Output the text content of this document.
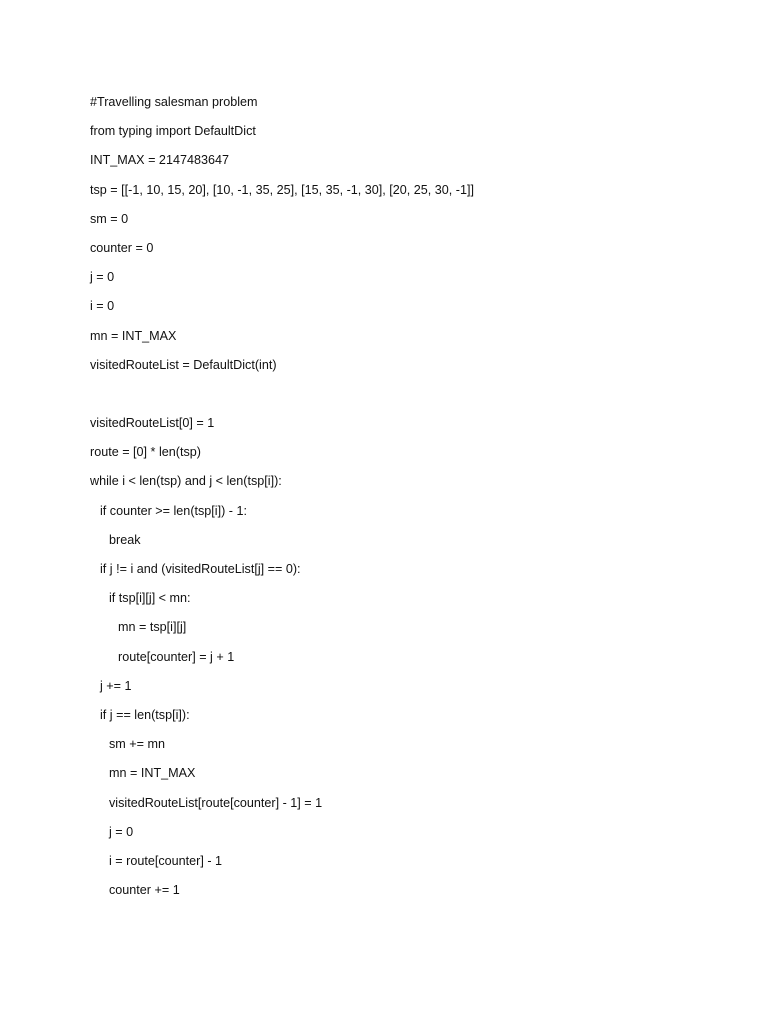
#Travelling salesman problem
from typing import DefaultDict
INT_MAX = 2147483647
tsp = [[-1, 10, 15, 20], [10, -1, 35, 25], [15, 35, -1, 30], [20, 25, 30, -1]]
sm = 0
counter = 0
j = 0
i = 0
mn = INT_MAX
visitedRouteList = DefaultDict(int)
visitedRouteList[0] = 1
route = [0] * len(tsp)
while i < len(tsp) and j < len(tsp[i]):
if counter >= len(tsp[i]) - 1:
break
if j != i and (visitedRouteList[j] == 0):
if tsp[i][j] < mn:
mn = tsp[i][j]
route[counter] = j + 1
j += 1
if j == len(tsp[i]):
sm += mn
mn = INT_MAX
visitedRouteList[route[counter] - 1] = 1
j = 0
i = route[counter] - 1
counter += 1
